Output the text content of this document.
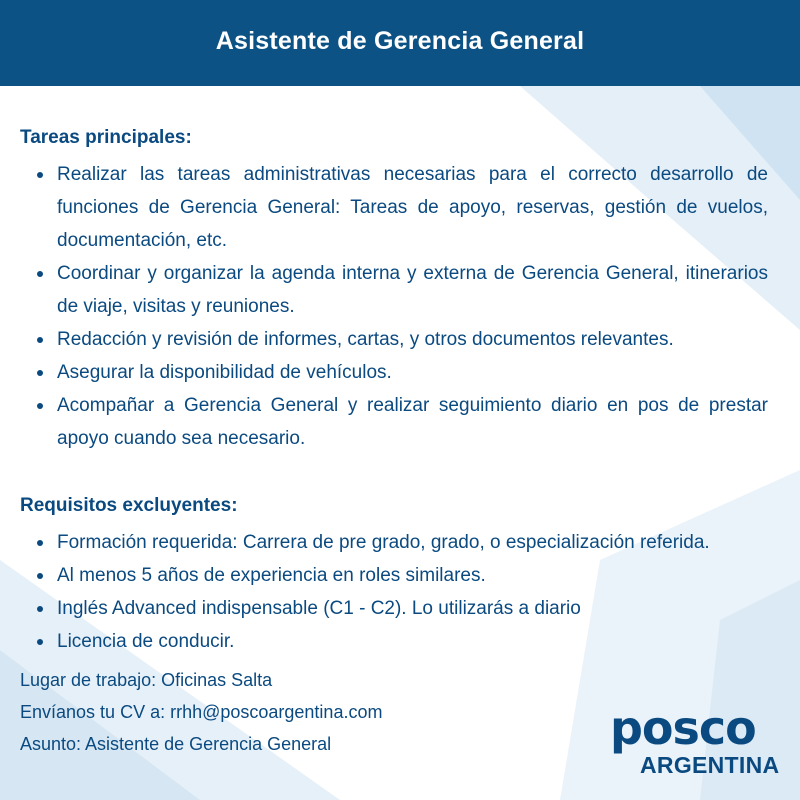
Asistente de Gerencia General
Tareas principales:
Realizar las tareas administrativas necesarias para el correcto desarrollo de funciones de Gerencia General: Tareas de apoyo, reservas, gestión de vuelos, documentación, etc.
Coordinar y organizar la agenda interna y externa de Gerencia General, itinerarios de viaje, visitas y reuniones.
Redacción y revisión de informes, cartas, y otros documentos relevantes.
Asegurar la disponibilidad de vehículos.
Acompañar a Gerencia General y realizar seguimiento diario en pos de prestar apoyo cuando sea necesario.
Requisitos excluyentes:
Formación requerida: Carrera de pre grado, grado, o especialización referida.
Al menos 5 años de experiencia en roles similares.
Inglés Advanced indispensable (C1 - C2). Lo utilizarás a diario
Licencia de conducir.
Lugar de trabajo: Oficinas Salta
Envíanos tu CV a: rrhh@poscoargentina.com
Asunto: Asistente de Gerencia General	posco
ARGENTINA
